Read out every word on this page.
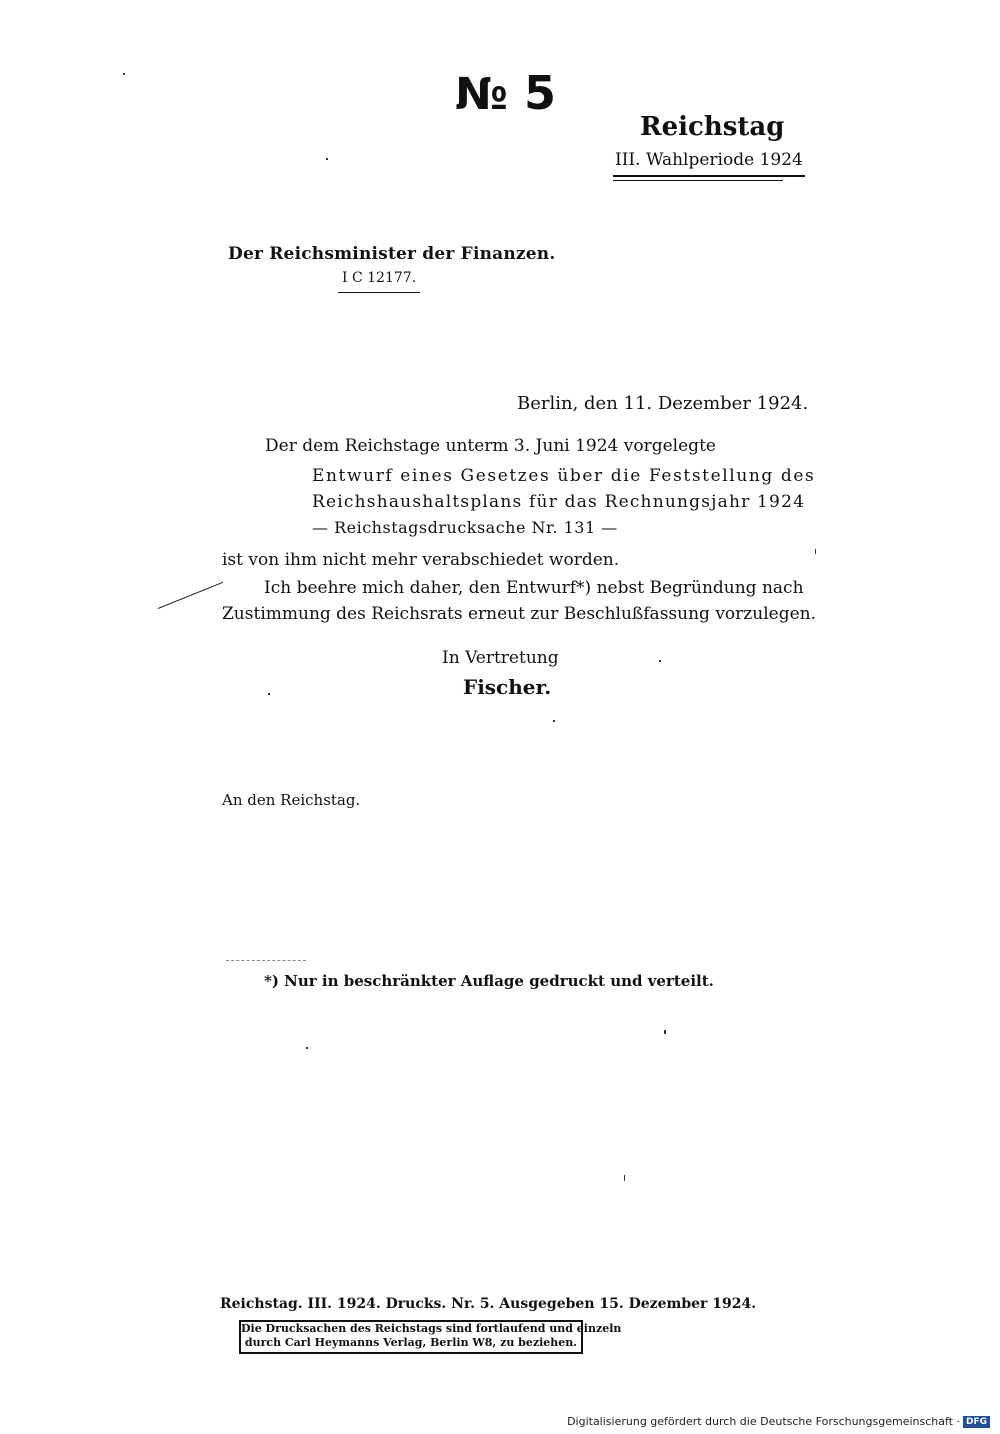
№ 5
Reichstag
III. Wahlperiode 1924
Der Reichsminister der Finanzen.
I C 12177.
Berlin, den 11. Dezember 1924.
Der dem Reichstage unterm 3. Juni 1924 vorgelegte
Entwurf eines Gesetzes über die Feststellung des
Reichshaushaltsplans für das Rechnungsjahr 1924
— Reichstagsdrucksache Nr. 131 —
ist von ihm nicht mehr verabschiedet worden.
Ich beehre mich daher, den Entwurf*) nebst Begründung nach
Zustimmung des Reichsrats erneut zur Beschlußfassung vorzulegen.
In Vertretung
Fischer.
An den Reichstag.
*) Nur in beschränkter Auflage gedruckt und verteilt.
Reichstag. III. 1924. Drucks. Nr. 5. Ausgegeben 15. Dezember 1924.
Die Drucksachen des Reichstags sind fortlaufend und einzeln
durch Carl Heymanns Verlag, Berlin W8, zu beziehen.
Digitalisierung gefördert durch die Deutsche Forschungsgemeinschaft · DFG
